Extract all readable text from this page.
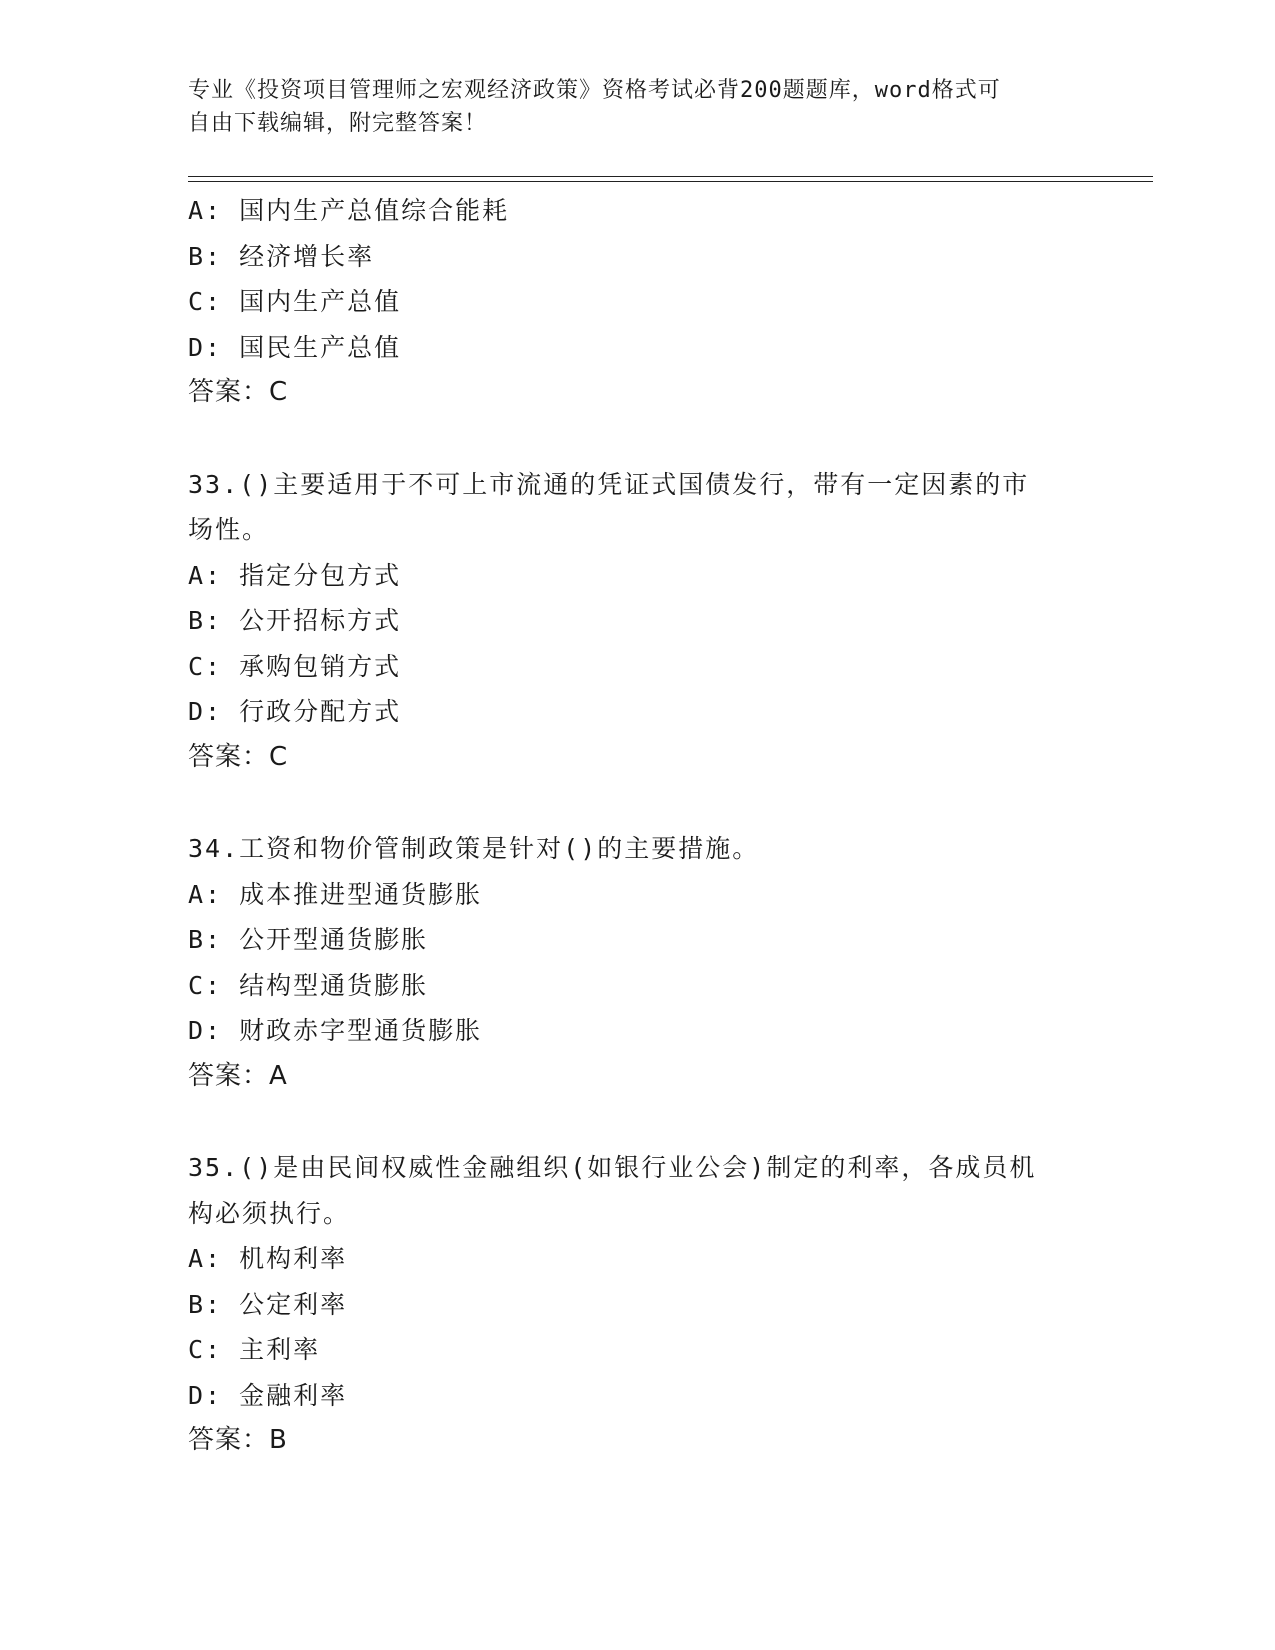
专业《投资项目管理师之宏观经济政策》资格考试必背200题题库，word格式可
自由下载编辑，附完整答案！
A: 国内生产总值综合能耗
B: 经济增长率
C: 国内生产总值
D: 国民生产总值
答案：C
33.()主要适用于不可上市流通的凭证式国债发行，带有一定因素的市
场性。
A: 指定分包方式
B: 公开招标方式
C: 承购包销方式
D: 行政分配方式
答案：C
34.工资和物价管制政策是针对()的主要措施。
A: 成本推进型通货膨胀
B: 公开型通货膨胀
C: 结构型通货膨胀
D: 财政赤字型通货膨胀
答案：A
35.()是由民间权威性金融组织(如银行业公会)制定的利率，各成员机
构必须执行。
A: 机构利率
B: 公定利率
C: 主利率
D: 金融利率
答案：B
